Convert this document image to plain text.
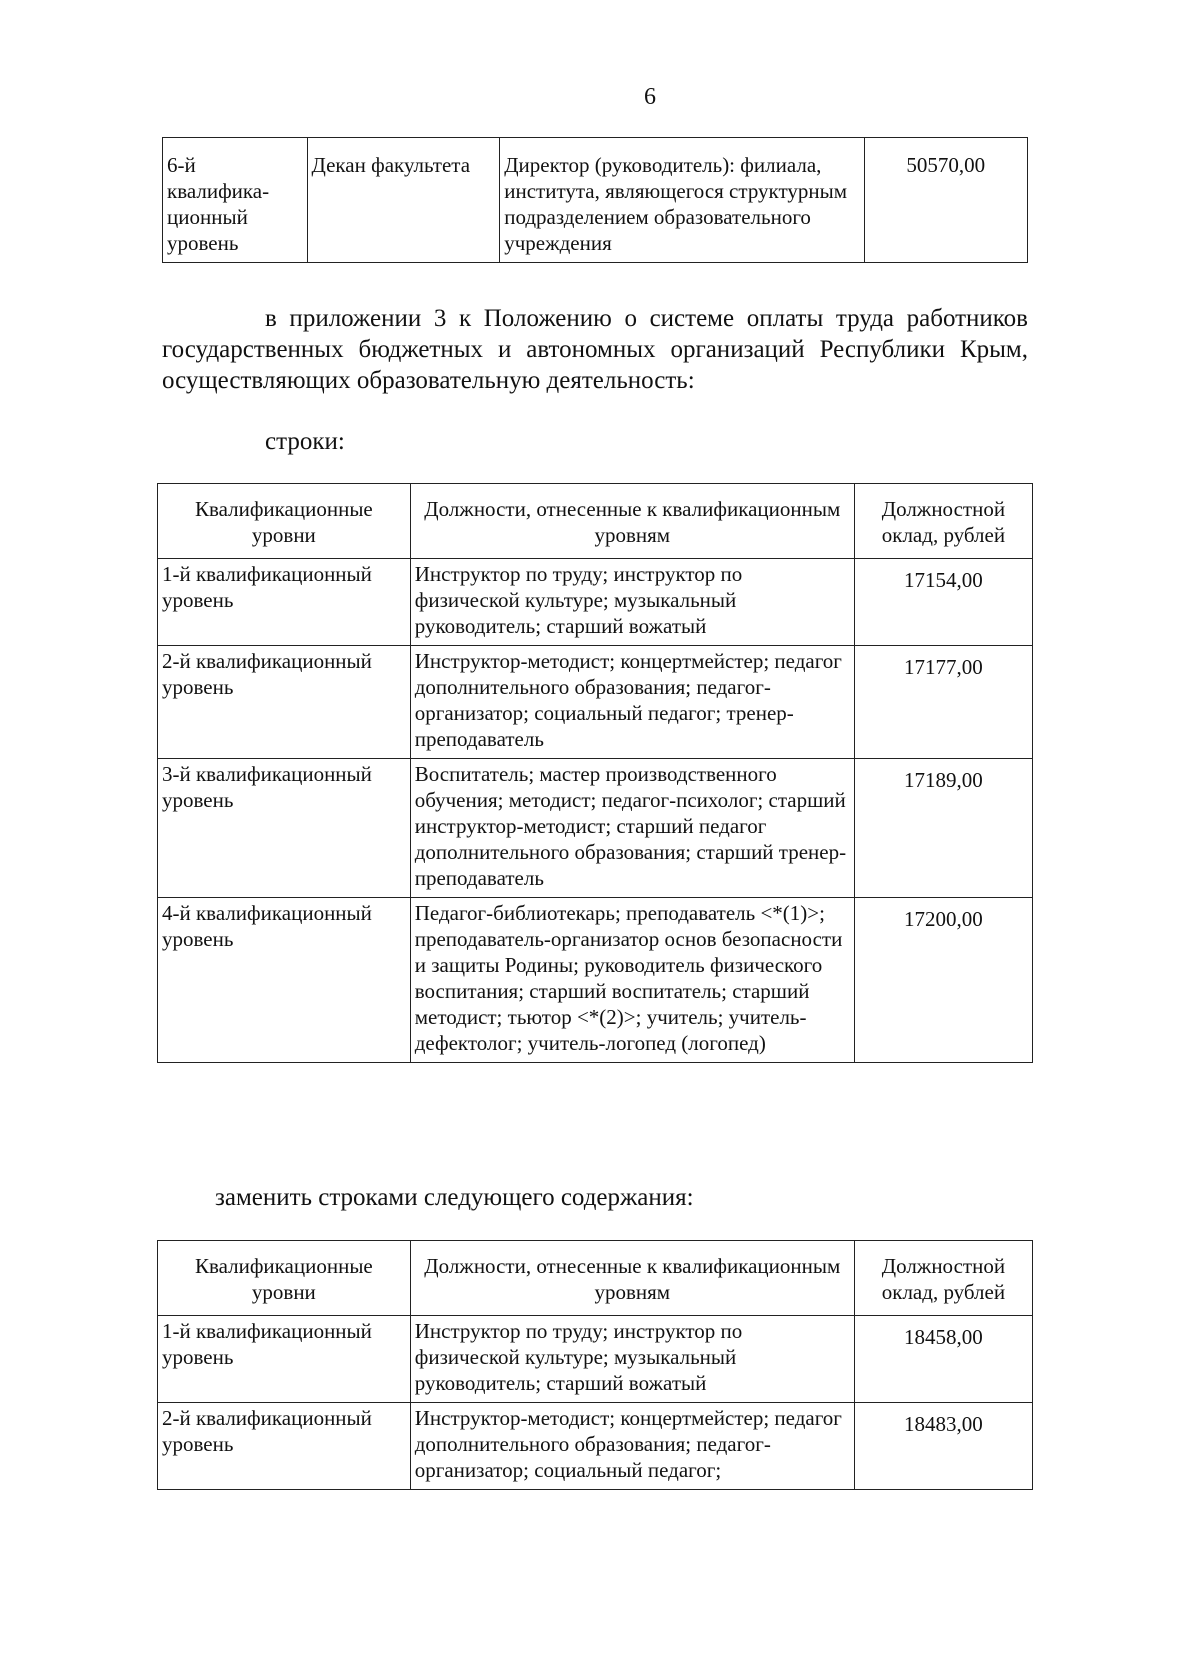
6
6-й
квалифика-
ционный
уровень	Декан факультета	Директор (руководитель): филиала, института, являющегося структурным подразделением образовательного учреждения	50570,00
в приложении 3 к Положению о системе оплаты труда работников государственных бюджетных и автономных организаций Республики Крым, осуществляющих образовательную деятельность:
строки:
Квалификационные уровни	Должности, отнесенные к квалификационным уровням	Должностной оклад, рублей
1-й квалификационный уровень	Инструктор по труду; инструктор по физической культуре; музыкальный руководитель; старший вожатый	17154,00
2-й квалификационный уровень	Инструктор-методист; концертмейстер; педагог дополнительного образования; педагог-организатор; социальный педагог; тренер-преподаватель	17177,00
3-й квалификационный уровень	Воспитатель; мастер производственного обучения; методист; педагог-психолог; старший инструктор-методист; старший педагог дополнительного образования; старший тренер-преподаватель	17189,00
4-й квалификационный уровень	Педагог-библиотекарь; преподаватель <*(1)>; преподаватель-организатор основ безопасности и защиты Родины; руководитель физического воспитания; старший воспитатель; старший методист; тьютор <*(2)>; учитель; учитель-дефектолог; учитель-логопед (логопед)	17200,00
заменить строками следующего содержания:
Квалификационные уровни	Должности, отнесенные к квалификационным уровням	Должностной оклад, рублей
1-й квалификационный уровень	Инструктор по труду; инструктор по физической культуре; музыкальный руководитель; старший вожатый	18458,00
2-й квалификационный уровень	Инструктор-методист; концертмейстер; педагог дополнительного образования; педагог-организатор; социальный педагог;	18483,00
